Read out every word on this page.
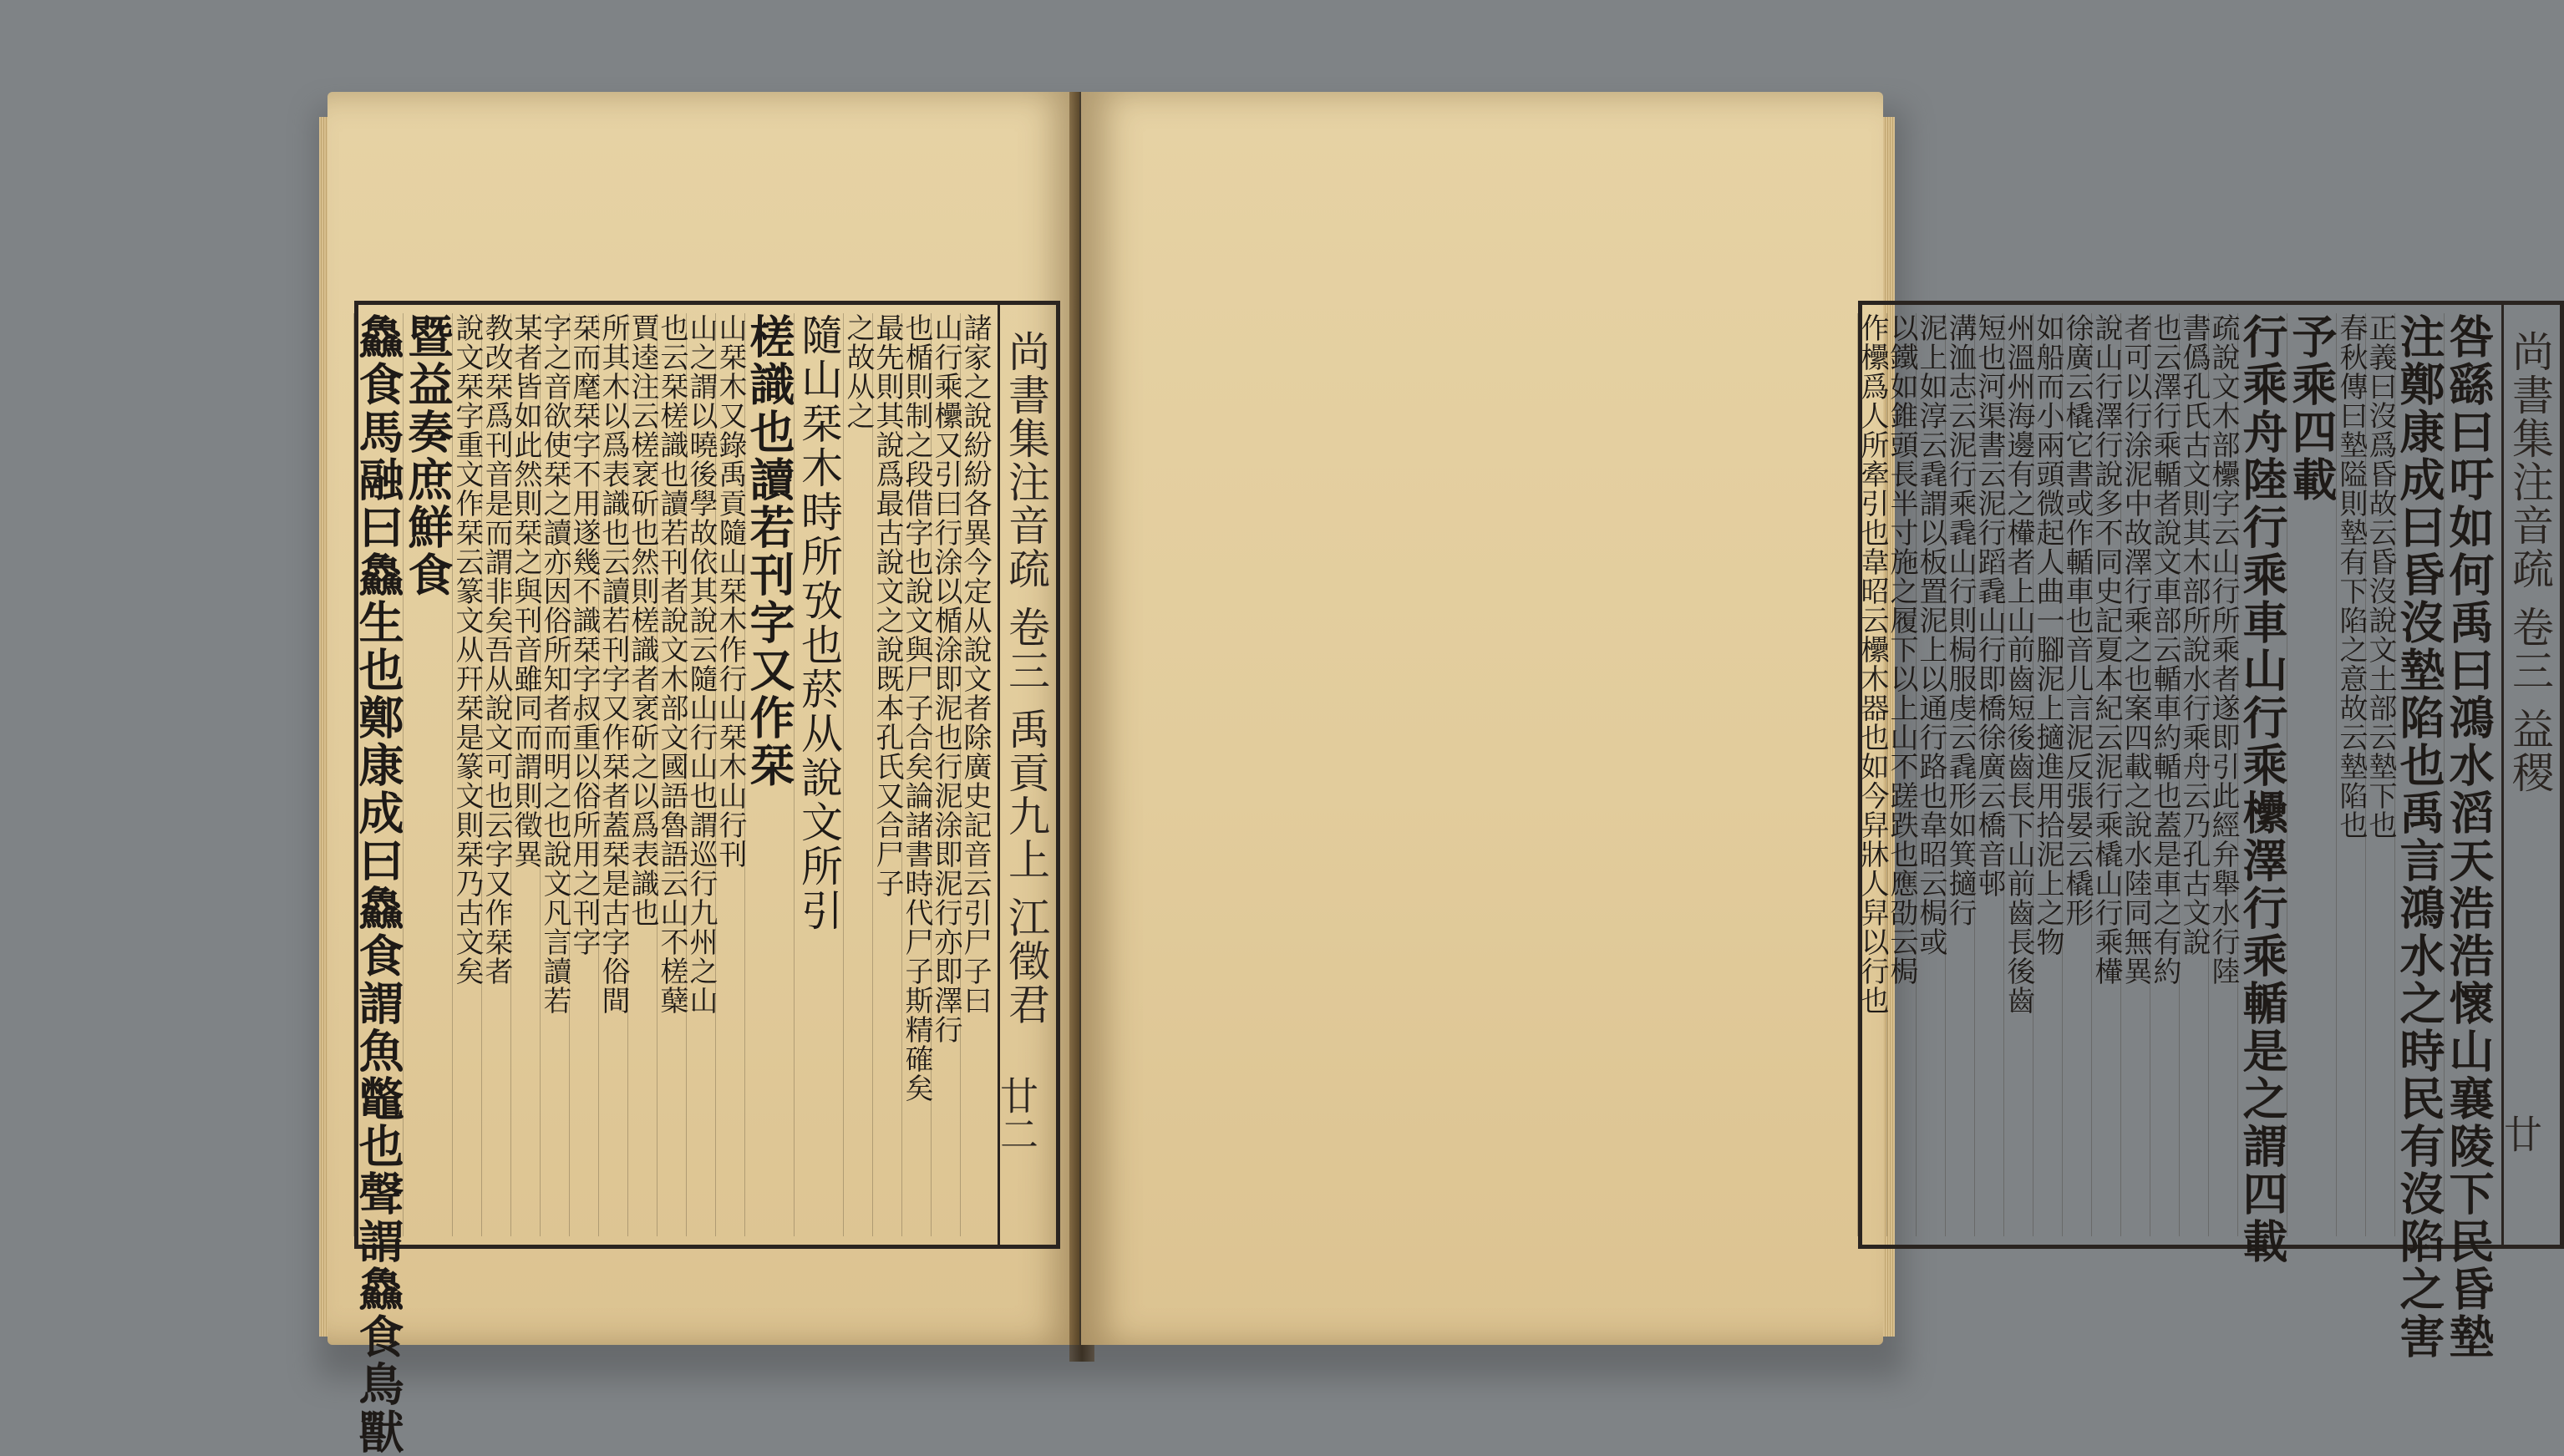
尚書集注音疏 卷三 禹貢九上 江徵君
廿二
諸家之說紛紛各異今定从說文者除廣史記音云引尸子曰
山行乘欙又引曰行涂以楯涂即泥也行泥涂即泥行亦即澤行
也楯則制之段借字也說文與尸子合矣論諸書時代尸子斯精確矣
最先則其說爲最古說文之說既本孔氏又合尸子
之故从之
隨山栞木時所攷也菸从說文所引
槎識也讀若刊字又作栞
山栞木又錄禹貢隨山栞木作行山栞木山行刊
山之謂以曉後學故依其說云隨山行山也謂巡行九州之山
也云栞槎識也讀若刊者說文木部文國語魯語云山不槎蘖
賈逵注云槎衺斫也然則槎識者衺斫之以爲表識也
所其木以爲表識也云讀若刊字又作栞者蓋栞是古字俗間
栞而麾栞字不用遂幾不識栞字叔重以俗所用之刊字
字之音欲使栞之讀亦因俗所知者而明之也說文凡言讀若
某者皆如此然則栞之與刊音雖同而謂則徵異
教改栞爲刊音是而謂非矣吾从說文可也云字又作栞者
說文栞字重文作栞云篆文从幵栞是篆文則栞乃古文矣
暨益奏庶鮮食
鱻食馬融曰鱻生也鄭康成曰鱻食謂魚鼈也聲謂鱻食鳥獸	尚書集注音疏 卷三 益稷
廿
咎繇曰吁如何禹曰鴻水滔天浩浩懷山襄陵下民昏墊
注鄭康成曰昏沒墊陷也禹言鴻水之時民有沒陷之害
正義曰沒爲昏故云昏沒說文土部云墊下也
春秋傳曰墊隘則墊有下陷之意故云墊陷也
予乘四載
行乘舟陸行乘車山行乘欙澤行乘輴是之謂四載
疏說文木部欙字云山行所乘者遂即引此經弁舉水行陸
書僞孔氏古文則其木部所說水行乘舟云乃孔古文說
也云澤行乘輴者說文車部云輴車約輴也蓋是車之有約
者可以行涂泥中故澤行乘之也案四載之說水陸同無異
說山行澤行說多不同史記夏本紀云泥行乘橇山行乘檋
徐廣云橇它書或作輴車也音儿言泥反張晏云橇形
如船而小兩頭微起人曲一腳泥上擿進用拾泥上之物
州溫州海邊有之檋者上山前齒短後齒長下山前齒長後齒
短也河渠書云泥行蹈毳山行即橋徐廣云橋音邨
溝洫志云泥行乘毳山行則梮服虔云毳形如箕擿行
泥上如淳云毳謂以板置泥上以通行路也韋昭云梮或
以鐵如錐頭長半寸施之履下以上山不蹉跌也應劭云梮
作欙爲人所牽引也韋昭云欙木器也如今舁牀人舁以行也
